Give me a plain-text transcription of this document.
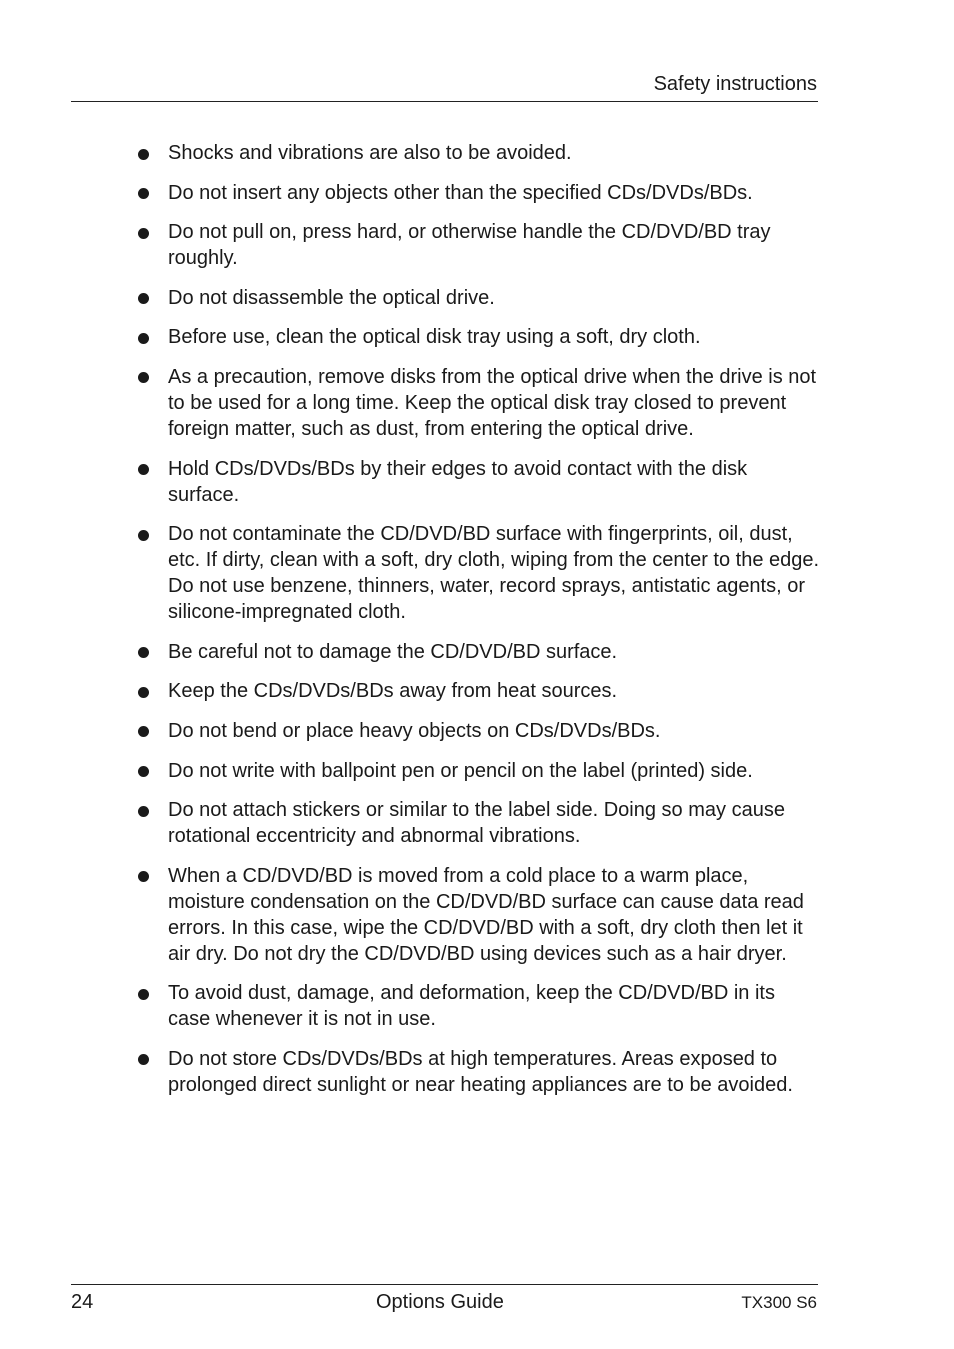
Safety instructions
Shocks and vibrations are also to be avoided.
Do not insert any objects other than the specified CDs/DVDs/BDs.
Do not pull on, press hard, or otherwise handle the CD/DVD/BD tray roughly.
Do not disassemble the optical drive.
Before use, clean the optical disk tray using a soft, dry cloth.
As a precaution, remove disks from the optical drive when the drive is not to be used for a long time. Keep the optical disk tray closed to prevent foreign matter, such as dust, from entering the optical drive.
Hold CDs/DVDs/BDs by their edges to avoid contact with the disk surface.
Do not contaminate the CD/DVD/BD surface with fingerprints, oil, dust, etc. If dirty, clean with a soft, dry cloth, wiping from the center to the edge. Do not use benzene, thinners, water, record sprays, antistatic agents, or silicone-impregnated cloth.
Be careful not to damage the CD/DVD/BD surface.
Keep the CDs/DVDs/BDs away from heat sources.
Do not bend or place heavy objects on CDs/DVDs/BDs.
Do not write with ballpoint pen or pencil on the label (printed) side.
Do not attach stickers or similar to the label side. Doing so may cause rotational eccentricity and abnormal vibrations.
When a CD/DVD/BD is moved from a cold place to a warm place, moisture condensation on the CD/DVD/BD surface can cause data read errors. In this case, wipe the CD/DVD/BD with a soft, dry cloth then let it air dry. Do not dry the CD/DVD/BD using devices such as a hair dryer.
To avoid dust, damage, and deformation, keep the CD/DVD/BD in its case whenever it is not in use.
Do not store CDs/DVDs/BDs at high temperatures. Areas exposed to prolonged direct sunlight or near heating appliances are to be avoided.
24	Options Guide	TX300 S6
